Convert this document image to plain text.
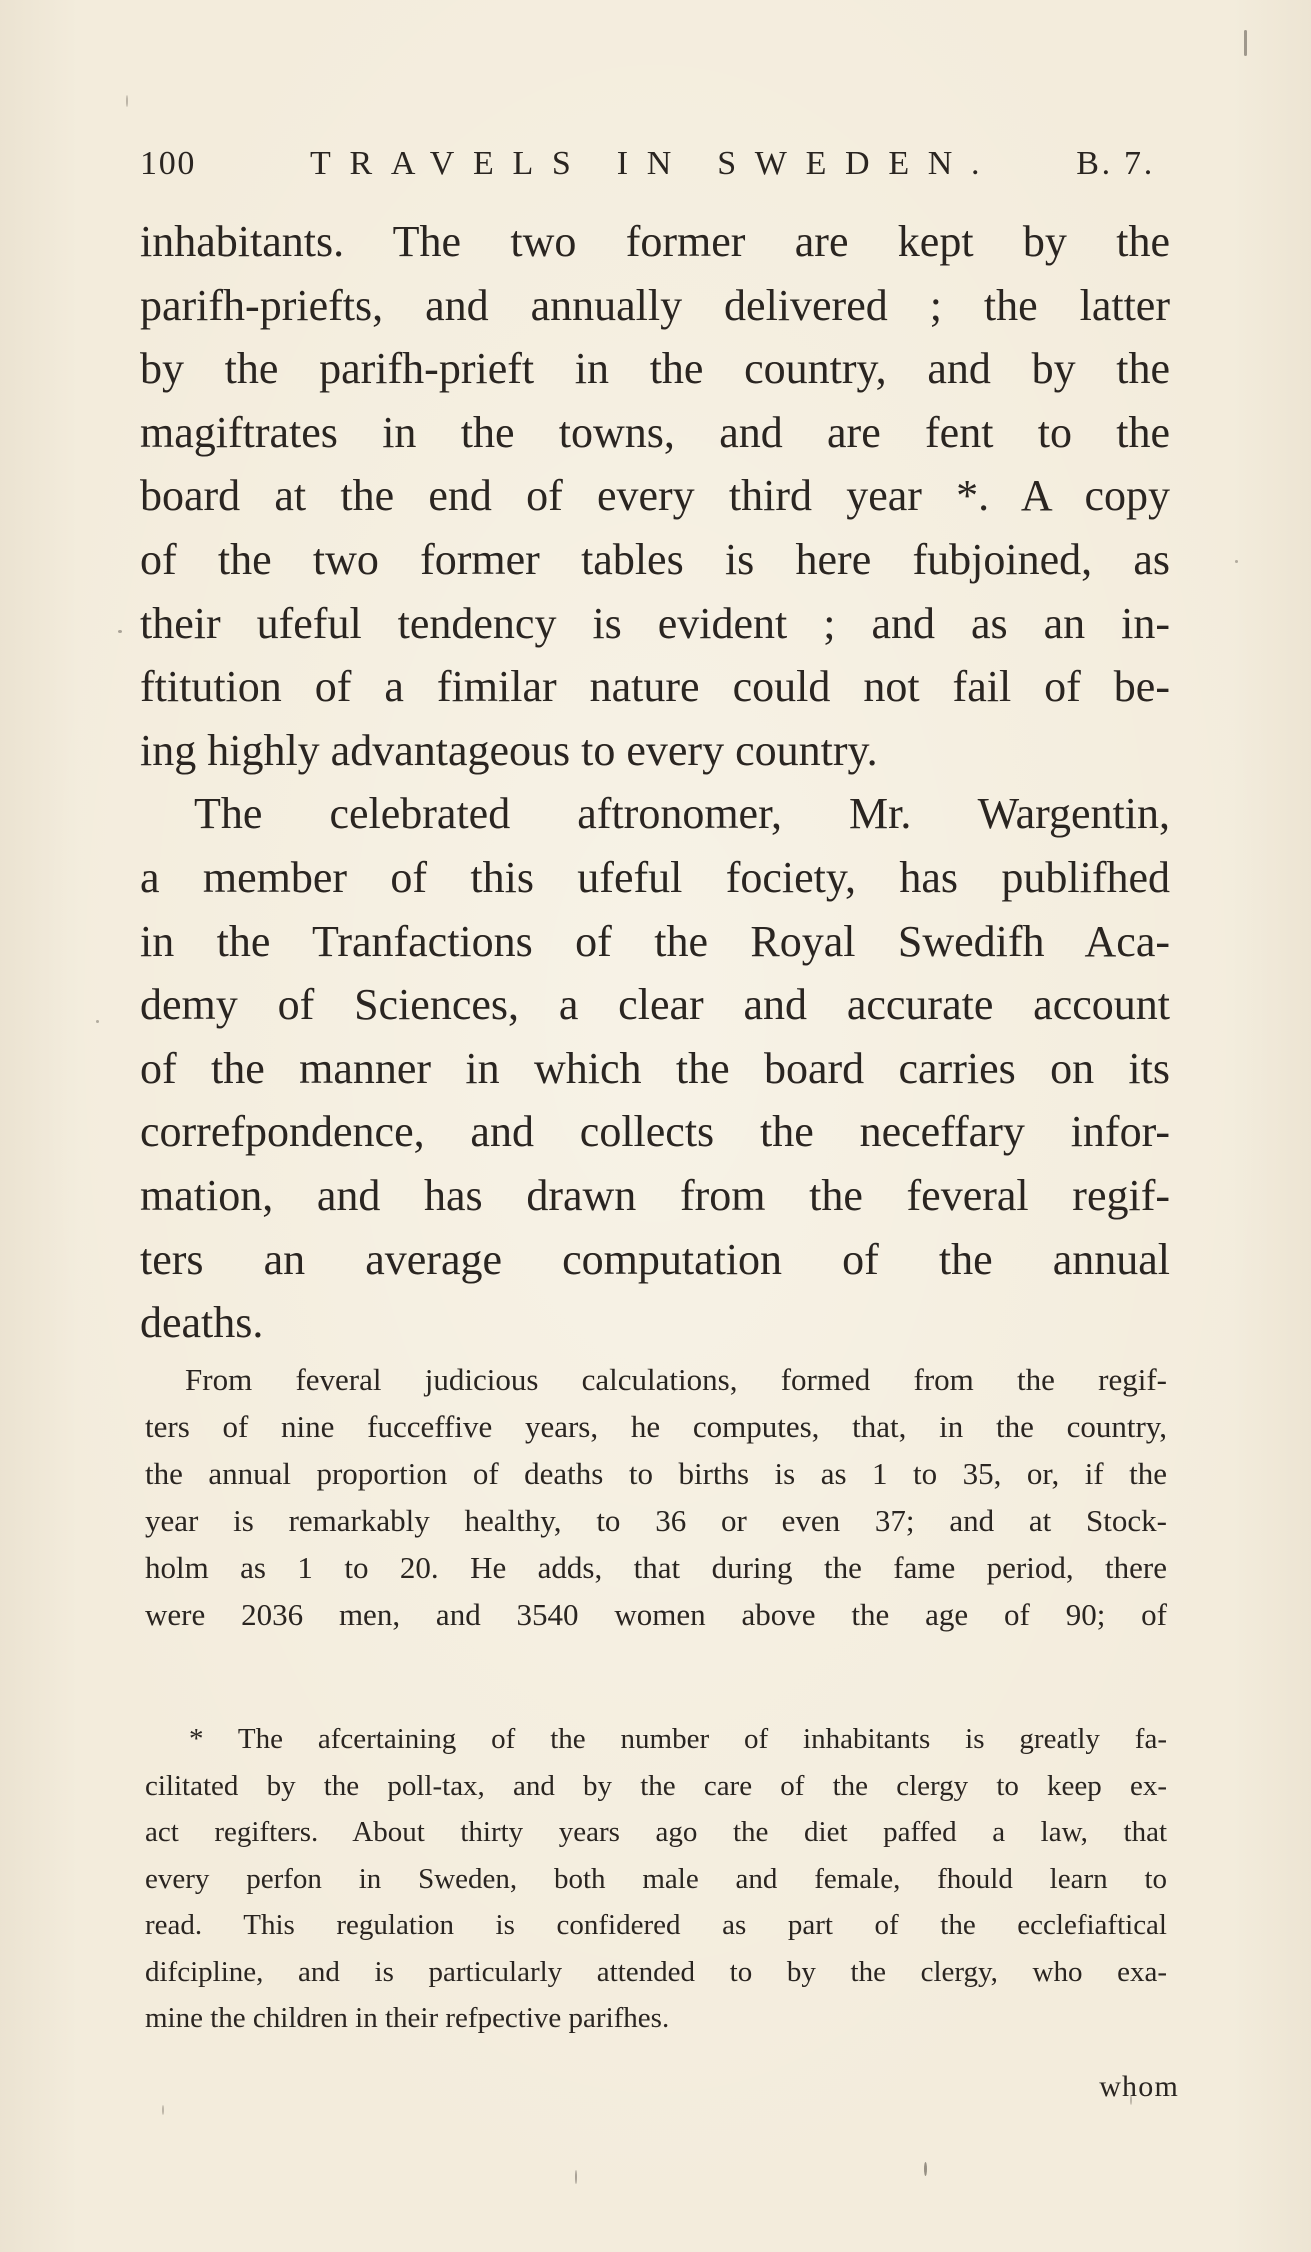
100	TRAVELS IN SWEDEN. B. 7.
inhabitants. The two former are kept by the
parifh-priefts, and annually delivered ; the latter
by the parifh-prieft in the country, and by the
magiftrates in the towns, and are fent to the
board at the end of every third year *. A copy
of the two former tables is here fubjoined, as
their ufeful tendency is evident ; and as an in-
ftitution of a fimilar nature could not fail of be-
ing highly advantageous to every country.
The celebrated aftronomer, Mr. Wargentin,
a member of this ufeful fociety, has publifhed
in the Tranfactions of the Royal Swedifh Aca-
demy of Sciences, a clear and accurate account
of the manner in which the board carries on its
correfpondence, and collects the neceffary infor-
mation, and has drawn from the feveral regif-
ters an average computation of the annual
deaths.
From feveral judicious calculations, formed from the regif-
ters of nine fucceffive years, he computes, that, in the country,
the annual proportion of deaths to births is as 1 to 35, or, if the
year is remarkably healthy, to 36 or even 37; and at Stock-
holm as 1 to 20. He adds, that during the fame period, there
were 2036 men, and 3540 women above the age of 90; of
* The afcertaining of the number of inhabitants is greatly fa-
cilitated by the poll-tax, and by the care of the clergy to keep ex-
act regifters. About thirty years ago the diet paffed a law, that
every perfon in Sweden, both male and female, fhould learn to
read. This regulation is confidered as part of the ecclefiaftical
difcipline, and is particularly attended to by the clergy, who exa-
mine the children in their refpective parifhes.
whom
